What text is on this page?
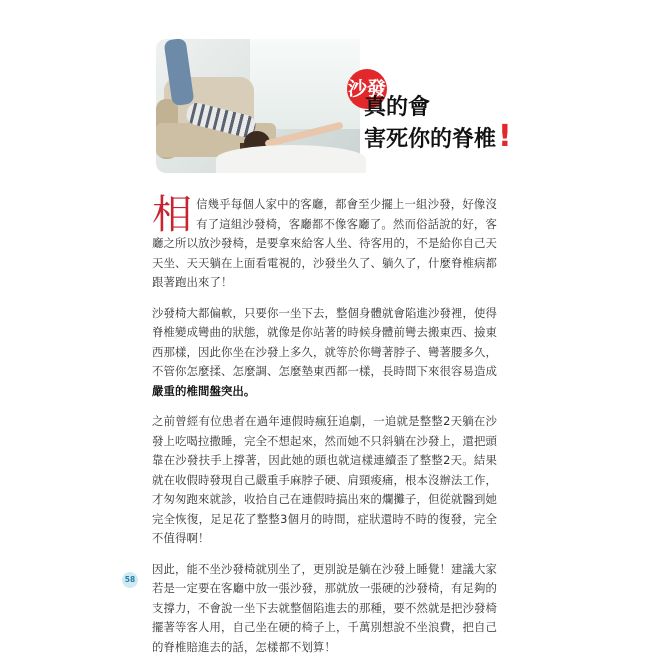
沙發
真的會
害死你的脊椎!

相信幾乎每個人家中的客廳，都會至少擺上一組沙發，好像沒有了這組沙發椅，客廳都不像客廳了。然而俗話說的好，客廳之所以放沙發椅，是要拿來給客人坐、待客用的，不是給你自己天天坐、天天躺在上面看電視的，沙發坐久了、躺久了，什麼脊椎病都跟著跑出來了！

沙發椅大都偏軟，只要你一坐下去，整個身體就會陷進沙發裡，使得脊椎變成彎曲的狀態，就像是你站著的時候身體前彎去搬東西、撿東西那樣，因此你坐在沙發上多久，就等於你彎著脖子、彎著腰多久，不管你怎麼揉、怎麼調、怎麼墊東西都一樣，長時間下來很容易造成嚴重的椎間盤突出。

之前曾經有位患者在過年連假時瘋狂追劇，一追就是整整2天躺在沙發上吃喝拉撒睡，完全不想起來，然而她不只斜躺在沙發上，還把頭靠在沙發扶手上撐著，因此她的頭也就這樣連續歪了整整2天。結果就在收假時發現自己嚴重手麻脖子硬、肩頸痠痛，根本沒辦法工作，才匆匆跑來就診，收拾自己在連假時搞出來的爛攤子，但從就醫到她完全恢復，足足花了整整3個月的時間，症狀還時不時的復發，完全不值得啊！

因此，能不坐沙發椅就別坐了，更別說是躺在沙發上睡覺！建議大家若是一定要在客廳中放一張沙發，那就放一張硬的沙發椅，有足夠的支撐力，不會說一坐下去就整個陷進去的那種，要不然就是把沙發椅擺著等客人用，自己坐在硬的椅子上，千萬別想說不坐浪費，把自己的脊椎賠進去的話，怎樣都不划算！

58
